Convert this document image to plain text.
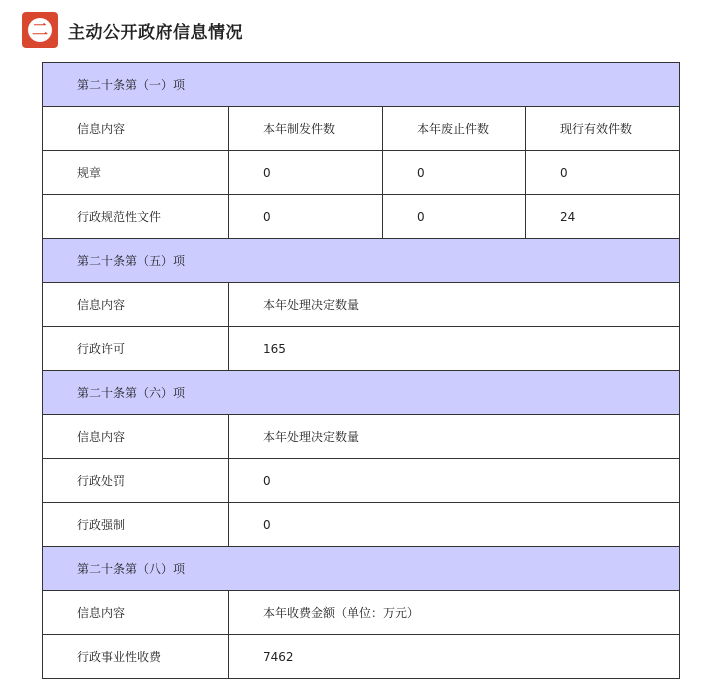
二 主动公开政府信息情况
第二十条第（一）项			
信息内容	本年制发件数	本年废止件数	现行有效件数
规章	0	0	0
行政规范性文件	0	0	24
第二十条第（五）项			
信息内容	本年处理决定数量		
行政许可	165		
第二十条第（六）项			
信息内容	本年处理决定数量		
行政处罚	0		
行政强制	0		
第二十条第（八）项			
信息内容	本年收费金额（单位：万元）		
行政事业性收费	7462		
